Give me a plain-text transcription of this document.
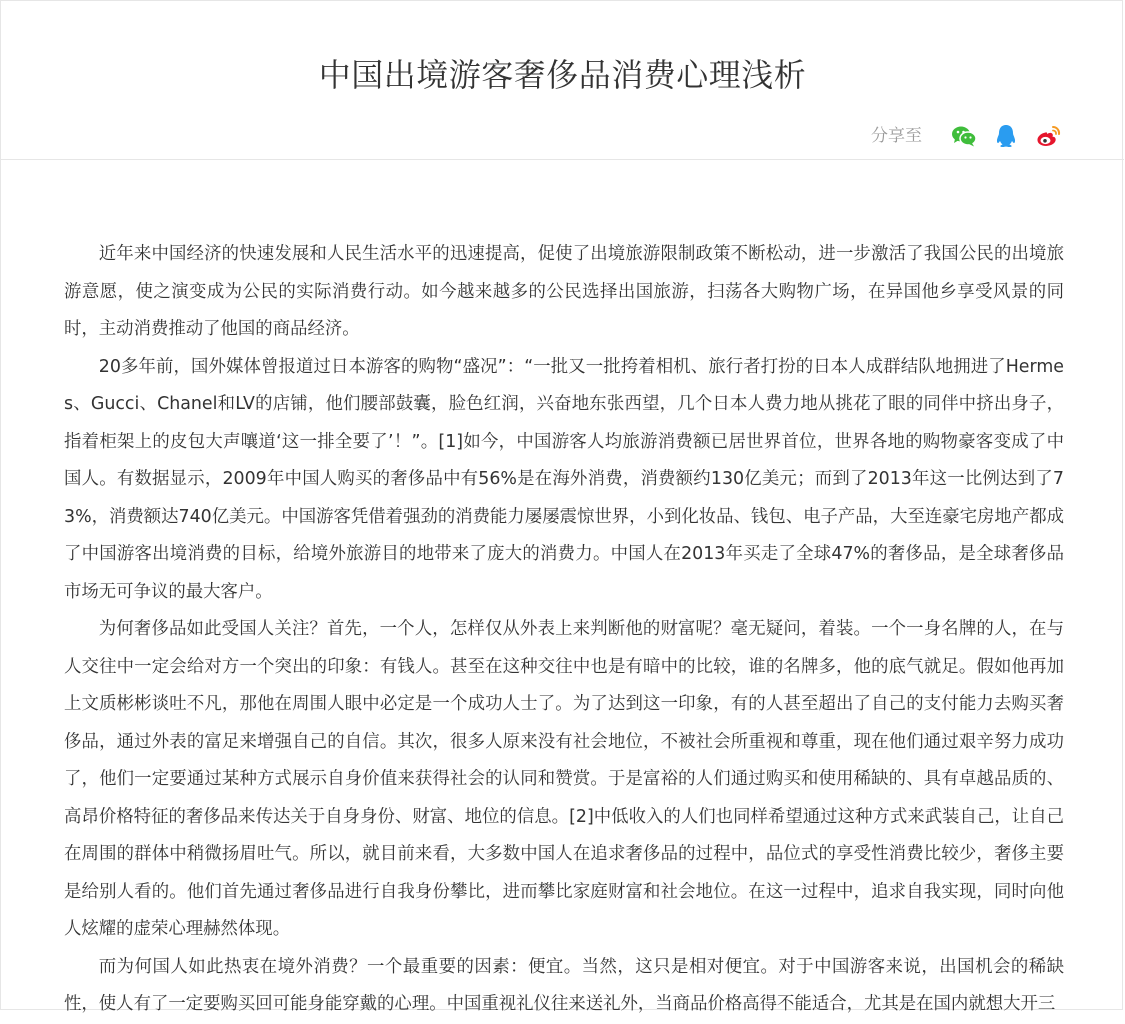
中国出境游客奢侈品消费心理浅析
分享至

近年来中国经济的快速发展和人民生活水平的迅速提高，促使了出境旅游限制政策不断松动，进一步激活了我国公民的出境旅游意愿，使之演变成为公民的实际消费行动。如今越来越多的公民选择出国旅游，扫荡各大购物广场，在异国他乡享受风景的同时，主动消费推动了他国的商品经济。

20多年前，国外媒体曾报道过日本游客的购物“盛况”：“一批又一批挎着相机、旅行者打扮的日本人成群结队地拥进了Hermes、Gucci、Chanel和LV的店铺，他们腰部鼓囊，脸色红润，兴奋地东张西望，几个日本人费力地从挑花了眼的同伴中挤出身子，指着柜架上的皮包大声嚷道‘这一排全要了’！”。[1]如今，中国游客人均旅游消费额已居世界首位，世界各地的购物豪客变成了中国人。有数据显示，2009年中国人购买的奢侈品中有56%是在海外消费，消费额约130亿美元；而到了2013年这一比例达到了73%，消费额达740亿美元。中国游客凭借着强劲的消费能力屡屡震惊世界，小到化妆品、钱包、电子产品，大至连豪宅房地产都成了中国游客出境消费的目标，给境外旅游目的地带来了庞大的消费力。中国人在2013年买走了全球47%的奢侈品，是全球奢侈品市场无可争议的最大客户。

为何奢侈品如此受国人关注？首先，一个人，怎样仅从外表上来判断他的财富呢？毫无疑问，着装。一个一身名牌的人，在与人交往中一定会给对方一个突出的印象：有钱人。甚至在这种交往中也是有暗中的比较，谁的名牌多，他的底气就足。假如他再加上文质彬彬谈吐不凡，那他在周围人眼中必定是一个成功人士了。为了达到这一印象，有的人甚至超出了自己的支付能力去购买奢侈品，通过外表的富足来增强自己的自信。其次，很多人原来没有社会地位，不被社会所重视和尊重，现在他们通过艰辛努力成功了，他们一定要通过某种方式展示自身价值来获得社会的认同和赞赏。于是富裕的人们通过购买和使用稀缺的、具有卓越品质的、高昂价格特征的奢侈品来传达关于自身身份、财富、地位的信息。[2]中低收入的人们也同样希望通过这种方式来武装自己，让自己在周围的群体中稍微扬眉吐气。所以，就目前来看，大多数中国人在追求奢侈品的过程中，品位式的享受性消费比较少，奢侈主要是给别人看的。他们首先通过奢侈品进行自我身份攀比，进而攀比家庭财富和社会地位。在这一过程中，追求自我实现，同时向他人炫耀的虚荣心理赫然体现。

而为何国人如此热衷在境外消费？一个最重要的因素：便宜。当然，这只是相对便宜。对于中国游客来说，出国机会的稀缺性，使人有了一定要购买回可能身能穿戴的心理。中国重视礼仪往来送礼外，当商品价格高得不能适合，尤其是在国内就想大开三
